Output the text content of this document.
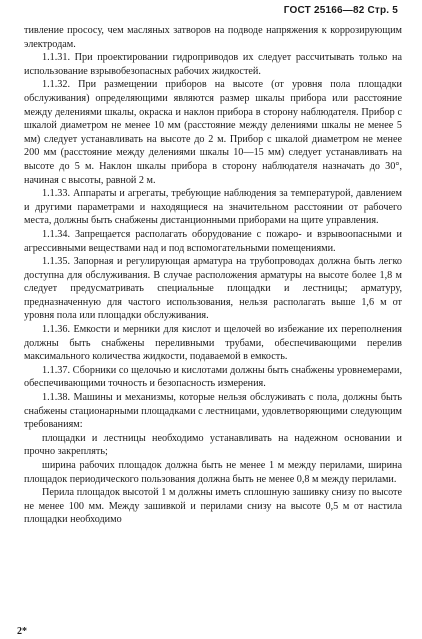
ГОСТ 25166—82 Стр. 5

тивление прососу, чем масляных затворов на подводе напряжения к коррозирующим электродам.

1.1.31. При проектировании гидроприводов их следует рассчитывать только на использование взрывобезопасных рабочих жидкостей.

1.1.32. При размещении приборов на высоте (от уровня пола площадки обслуживания) определяющими являются размер шкалы прибора или расстояние между делениями шкалы, окраска и наклон прибора в сторону наблюдателя. Прибор с шкалой диаметром не менее 10 мм (расстояние между делениями шкалы не менее 5 мм) следует устанавливать на высоте до 2 м. Прибор с шкалой диаметром не менее 200 мм (расстояние между делениями шкалы 10—15 мм) следует устанавливать на высоте до 5 м. Наклон шкалы прибора в сторону наблюдателя назначать до 30°, начиная с высоты, равной 2 м.

1.1.33. Аппараты и агрегаты, требующие наблюдения за температурой, давлением и другими параметрами и находящиеся на значительном расстоянии от рабочего места, должны быть снабжены дистанционными приборами на щите управления.

1.1.34. Запрещается располагать оборудование с пожаро- и взрывоопасными и агрессивными веществами над и под вспомогательными помещениями.

1.1.35. Запорная и регулирующая арматура на трубопроводах должна быть легко доступна для обслуживания. В случае расположения арматуры на высоте более 1,8 м следует предусматривать специальные площадки и лестницы; арматуру, предназначенную для частого использования, нельзя располагать выше 1,6 м от уровня пола или площадки обслуживания.

1.1.36. Емкости и мерники для кислот и щелочей во избежание их переполнения должны быть снабжены переливными трубами, обеспечивающими перелив максимального количества жидкости, подаваемой в емкость.

1.1.37. Сборники со щелочью и кислотами должны быть снабжены уровнемерами, обеспечивающими точность и безопасность измерения.

1.1.38. Машины и механизмы, которые нельзя обслуживать с пола, должны быть снабжены стационарными площадками с лестницами, удовлетворяющими следующим требованиям:

площадки и лестницы необходимо устанавливать на надежном основании и прочно закреплять;

ширина рабочих площадок должна быть не менее 1 м между перилами, ширина площадок периодического пользования должна быть не менее 0,8 м между перилами.

Перила площадок высотой 1 м должны иметь сплошную зашивку снизу по высоте не менее 100 мм. Между зашивкой и перилами снизу на высоте 0,5 м от настила площадки необходимо

2*
